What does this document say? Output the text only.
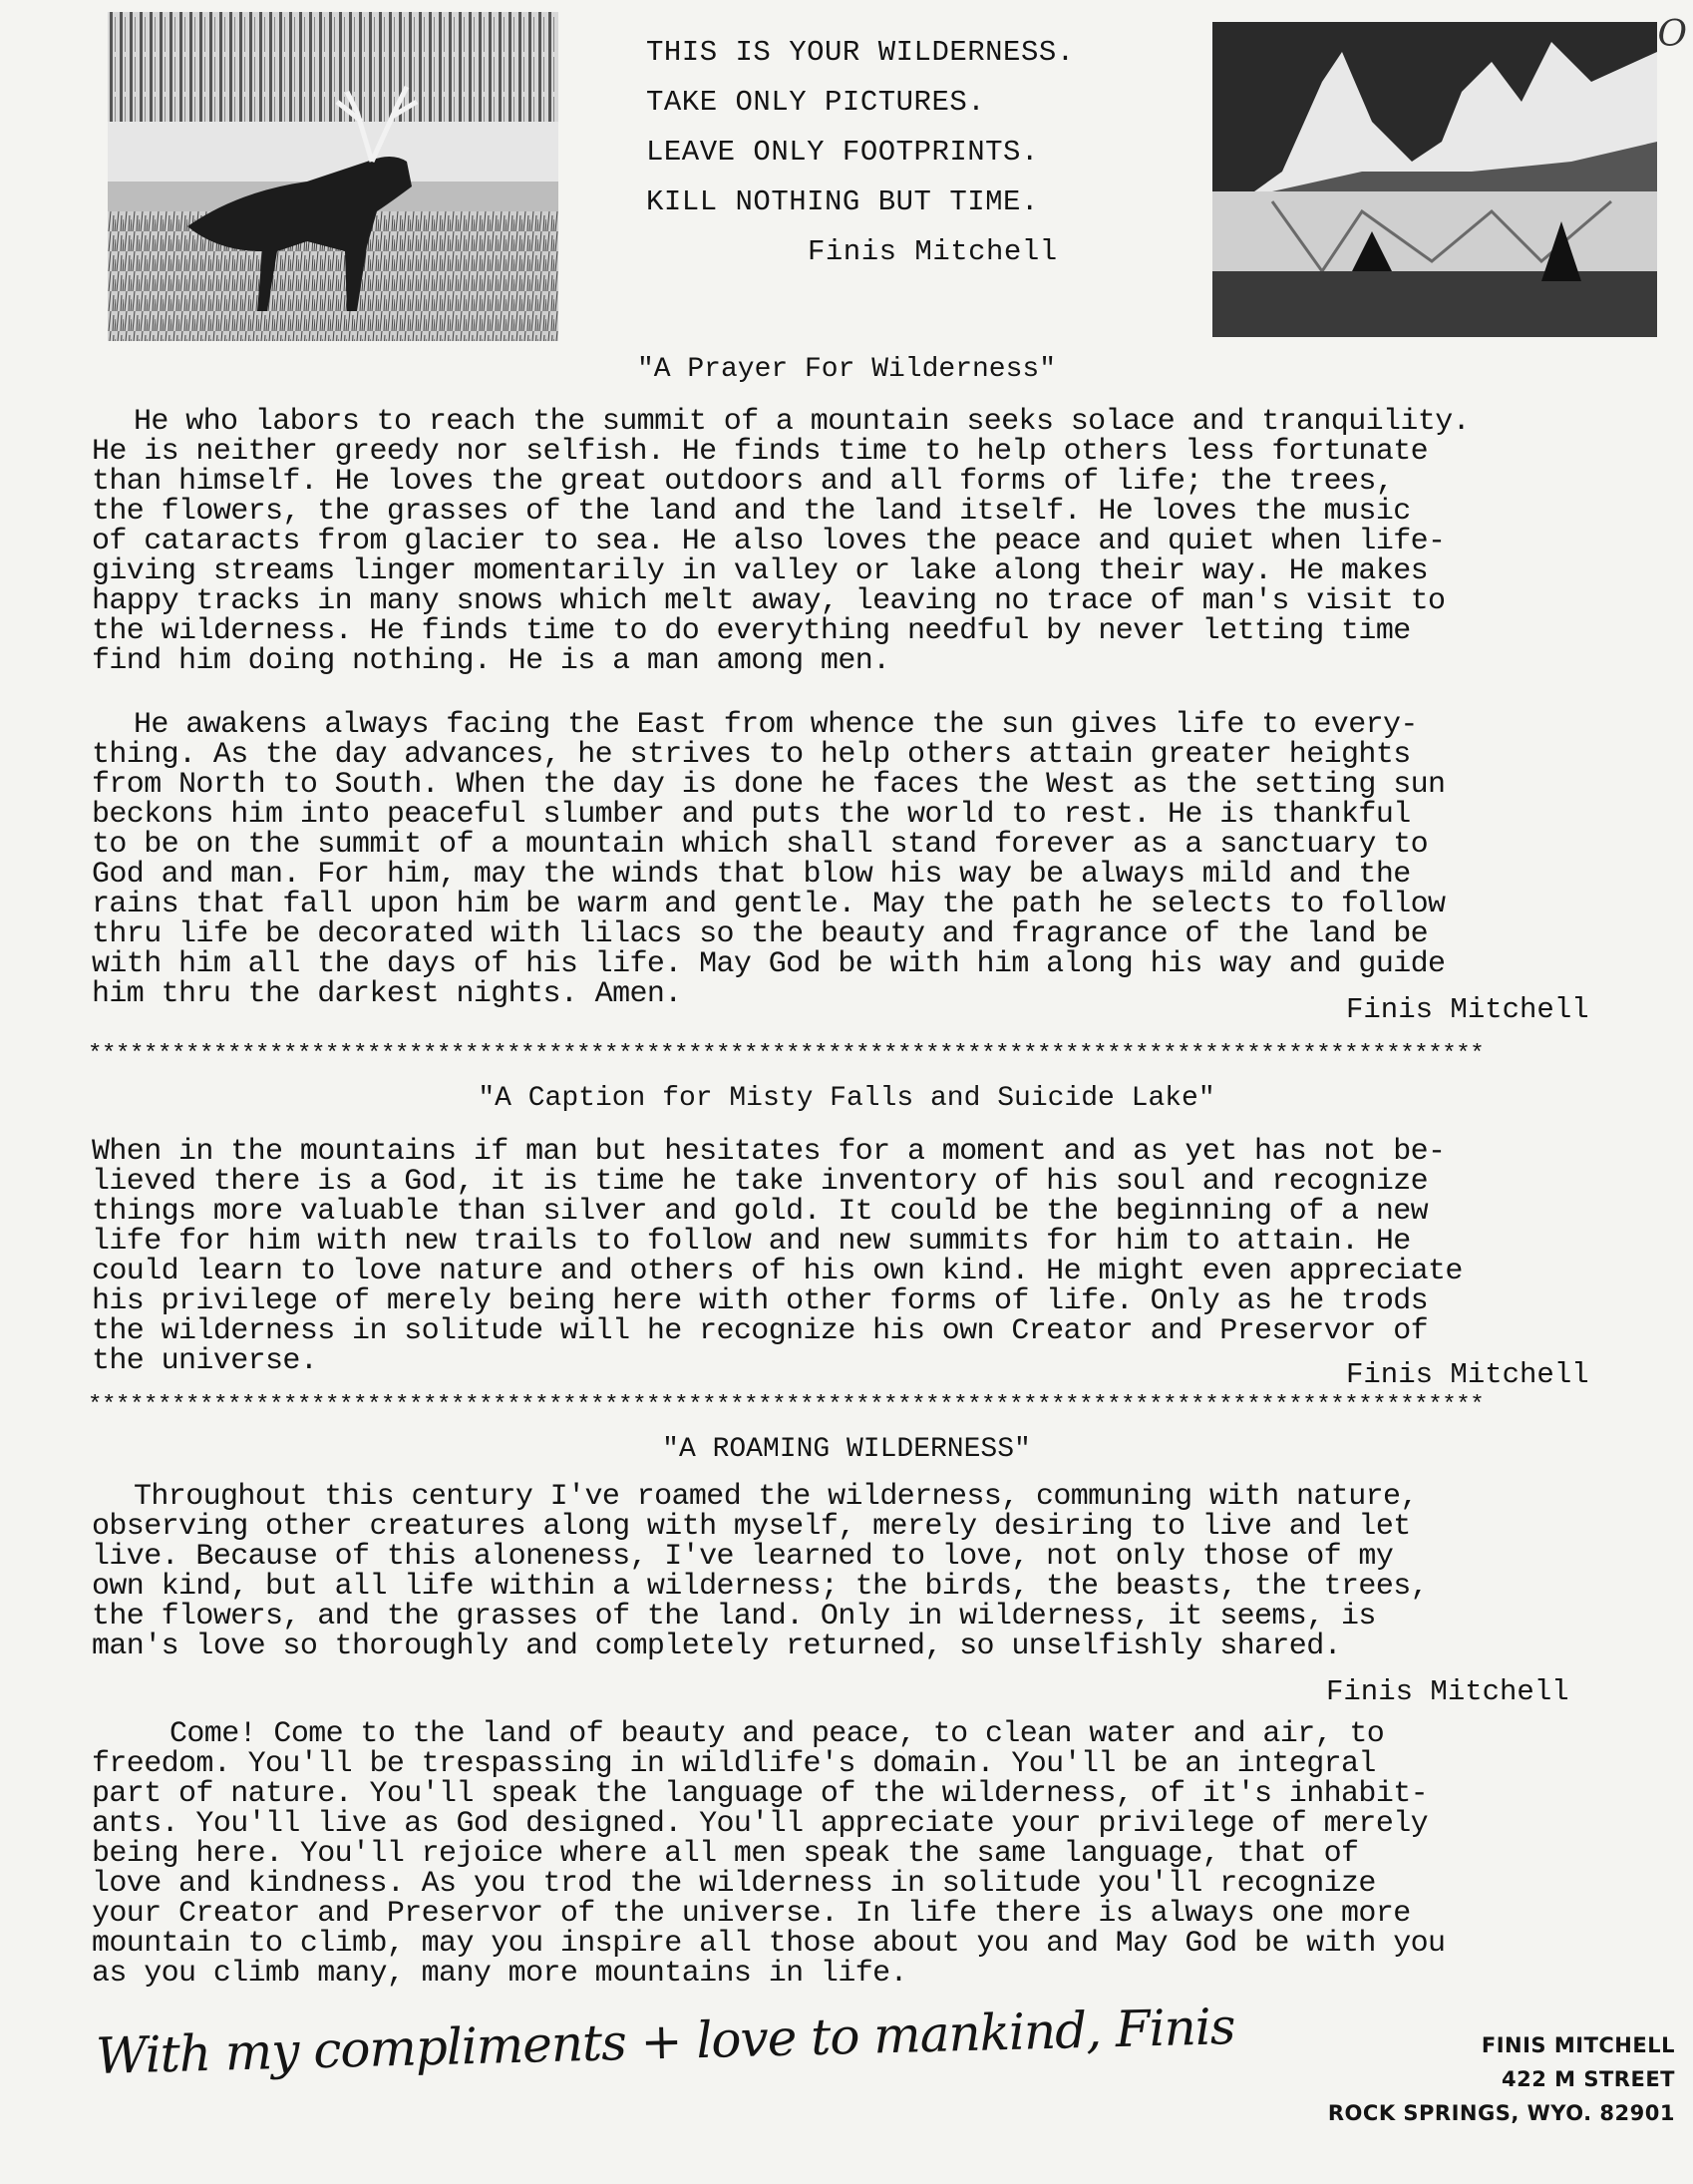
THIS IS YOUR WILDERNESS.
TAKE ONLY PICTURES.
LEAVE ONLY FOOTPRINTS.
KILL NOTHING BUT TIME.
Finis Mitchell
O
"A Prayer For Wilderness"
He who labors to reach the summit of a mountain seeks solace and tranquility.
He is neither greedy nor selfish. He finds time to help others less fortunate
than himself. He loves the great outdoors and all forms of life; the trees,
the flowers, the grasses of the land and the land itself. He loves the music
of cataracts from glacier to sea. He also loves the peace and quiet when life-
giving streams linger momentarily in valley or lake along their way. He makes
happy tracks in many snows which melt away, leaving no trace of man's visit to
the wilderness. He finds time to do everything needful by never letting time
find him doing nothing. He is a man among men.
He awakens always facing the East from whence the sun gives life to every-
thing. As the day advances, he strives to help others attain greater heights
from North to South. When the day is done he faces the West as the setting sun
beckons him into peaceful slumber and puts the world to rest. He is thankful
to be on the summit of a mountain which shall stand forever as a sanctuary to
God and man. For him, may the winds that blow his way be always mild and the
rains that fall upon him be warm and gentle. May the path he selects to follow
thru life be decorated with lilacs so the beauty and fragrance of the land be
with him all the days of his life. May God be with him along his way and guide
him thru the darkest nights. Amen.	Finis Mitchell
****************************************************************************************************
"A Caption for Misty Falls and Suicide Lake"
When in the mountains if man but hesitates for a moment and as yet has not be-
lieved there is a God, it is time he take inventory of his soul and recognize
things more valuable than silver and gold. It could be the beginning of a new
life for him with new trails to follow and new summits for him to attain. He
could learn to love nature and others of his own kind. He might even appreciate
his privilege of merely being here with other forms of life. Only as he trods
the wilderness in solitude will he recognize his own Creator and Preservor of
the universe.	Finis Mitchell
****************************************************************************************************
"A ROAMING WILDERNESS"
Throughout this century I've roamed the wilderness, communing with nature,
observing other creatures along with myself, merely desiring to live and let
live. Because of this aloneness, I've learned to love, not only those of my
own kind, but all life within a wilderness; the birds, the beasts, the trees,
the flowers, and the grasses of the land. Only in wilderness, it seems, is
man's love so thoroughly and completely returned, so unselfishly shared.
Finis Mitchell
Come! Come to the land of beauty and peace, to clean water and air, to
freedom. You'll be trespassing in wildlife's domain. You'll be an integral
part of nature. You'll speak the language of the wilderness, of it's inhabit-
ants. You'll live as God designed. You'll appreciate your privilege of merely
being here. You'll rejoice where all men speak the same language, that of
love and kindness. As you trod the wilderness in solitude you'll recognize
your Creator and Preservor of the universe. In life there is always one more
mountain to climb, may you inspire all those about you and May God be with you
as you climb many, many more mountains in life.
With my compliments + love to mankind, Finis	FINIS MITCHELL
422 M STREET
ROCK SPRINGS, WYO. 82901
